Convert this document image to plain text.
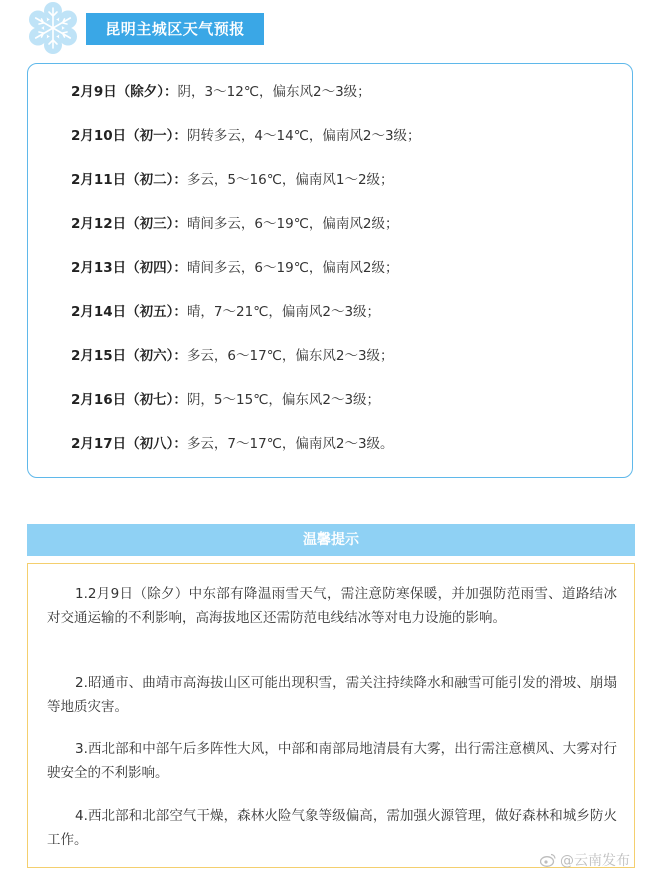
昆明主城区天气预报
2月9日（除夕）：阴，3～12℃，偏东风2～3级；
2月10日（初一）：阴转多云，4～14℃，偏南风2～3级；
2月11日（初二）：多云，5～16℃，偏南风1～2级；
2月12日（初三）：晴间多云，6～19℃，偏南风2级；
2月13日（初四）：晴间多云，6～19℃，偏南风2级；
2月14日（初五）：晴，7～21℃，偏南风2～3级；
2月15日（初六）：多云，6～17℃，偏东风2～3级；
2月16日（初七）：阴，5～15℃，偏东风2～3级；
2月17日（初八）：多云，7～17℃，偏南风2～3级。
温馨提示
1.2月9日（除夕）中东部有降温雨雪天气，需注意防寒保暖，并加强防范雨雪、道路结冰对交通运输的不利影响，高海拔地区还需防范电线结冰等对电力设施的影响。
2.昭通市、曲靖市高海拔山区可能出现积雪，需关注持续降水和融雪可能引发的滑坡、崩塌等地质灾害。
3.西北部和中部午后多阵性大风，中部和南部局地清晨有大雾，出行需注意横风、大雾对行驶安全的不利影响。
4.西北部和北部空气干燥，森林火险气象等级偏高，需加强火源管理，做好森林和城乡防火工作。
@云南发布
